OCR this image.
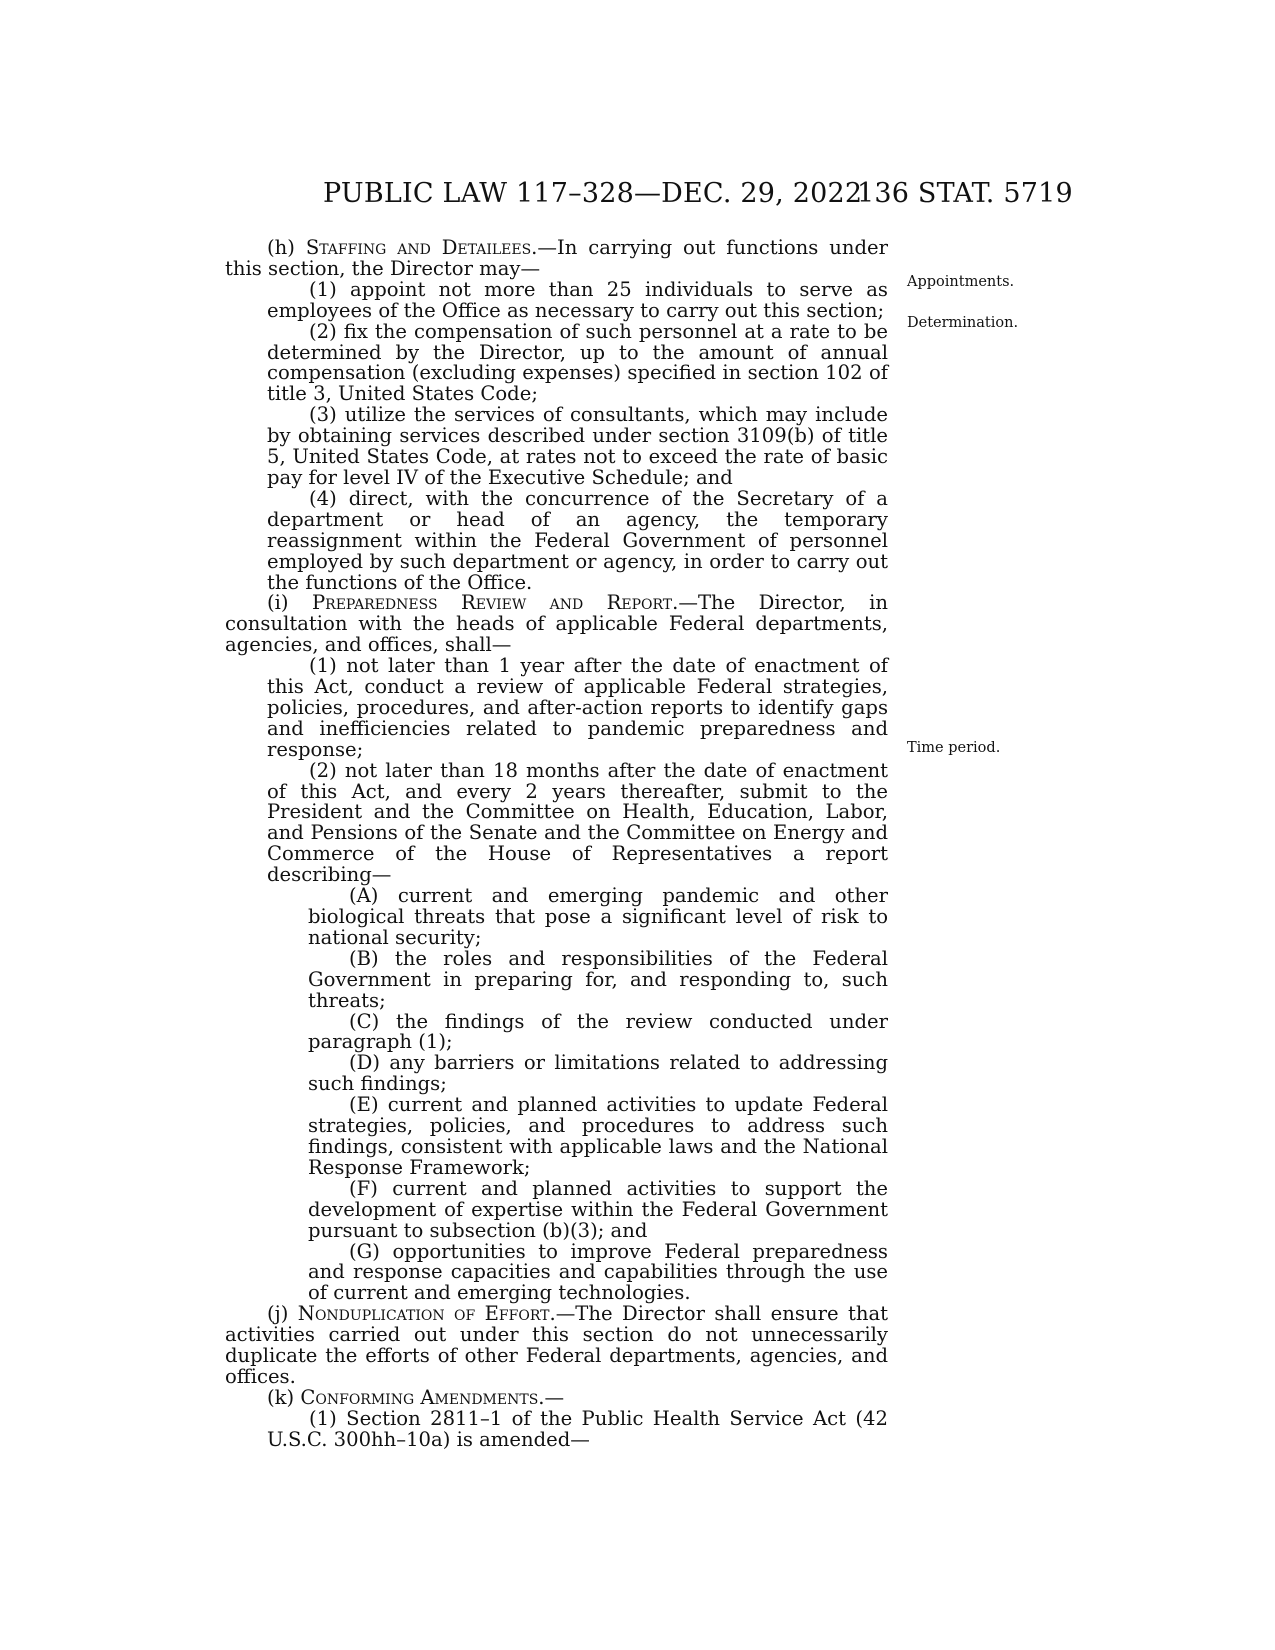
PUBLIC LAW 117–328—DEC. 29, 2022
136 STAT. 5719
Appointments.
Determination.
Time period.

(h) Staffing and Detailees.—In carrying out functions under this section, the Director may—

(1) appoint not more than 25 individuals to serve as employees of the Office as necessary to carry out this section;

(2) fix the compensation of such personnel at a rate to be determined by the Director, up to the amount of annual compensation (excluding expenses) specified in section 102 of title 3, United States Code;

(3) utilize the services of consultants, which may include by obtaining services described under section 3109(b) of title 5, United States Code, at rates not to exceed the rate of basic pay for level IV of the Executive Schedule; and

(4) direct, with the concurrence of the Secretary of a department or head of an agency, the temporary reassignment within the Federal Government of personnel employed by such department or agency, in order to carry out the functions of the Office.

(i) Preparedness Review and Report.—The Director, in consultation with the heads of applicable Federal departments, agencies, and offices, shall—

(1) not later than 1 year after the date of enactment of this Act, conduct a review of applicable Federal strategies, policies, procedures, and after-action reports to identify gaps and inefficiencies related to pandemic preparedness and response;

(2) not later than 18 months after the date of enactment of this Act, and every 2 years thereafter, submit to the President and the Committee on Health, Education, Labor, and Pensions of the Senate and the Committee on Energy and Commerce of the House of Representatives a report describing—

(A) current and emerging pandemic and other biological threats that pose a significant level of risk to national security;

(B) the roles and responsibilities of the Federal Government in preparing for, and responding to, such threats;

(C) the findings of the review conducted under paragraph (1);

(D) any barriers or limitations related to addressing such findings;

(E) current and planned activities to update Federal strategies, policies, and procedures to address such findings, consistent with applicable laws and the National Response Framework;

(F) current and planned activities to support the development of expertise within the Federal Government pursuant to subsection (b)(3); and

(G) opportunities to improve Federal preparedness and response capacities and capabilities through the use of current and emerging technologies.

(j) Nonduplication of Effort.—The Director shall ensure that activities carried out under this section do not unnecessarily duplicate the efforts of other Federal departments, agencies, and offices.

(k) Conforming Amendments.—

(1) Section 2811–1 of the Public Health Service Act (42 U.S.C. 300hh–10a) is amended—
